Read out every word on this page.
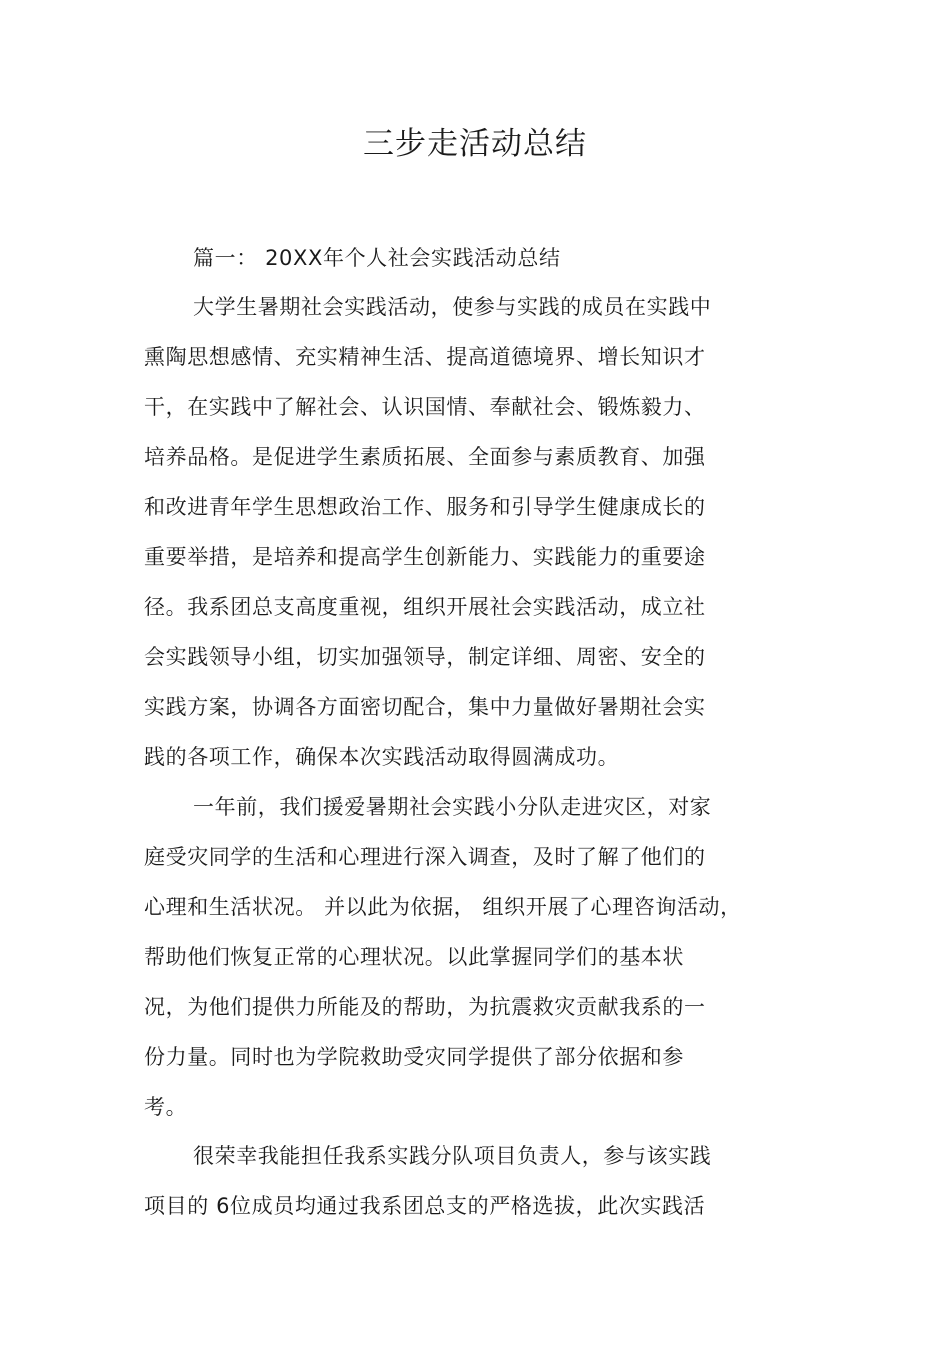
三步走活动总结
篇一： 20XX年个人社会实践活动总结
大学生暑期社会实践活动，使参与实践的成员在实践中
熏陶思想感情、充实精神生活、提高道德境界、增长知识才
干，在实践中了解社会、认识国情、奉献社会、锻炼毅力、
培养品格。是促进学生素质拓展、全面参与素质教育、加强
和改进青年学生思想政治工作、服务和引导学生健康成长的
重要举措，是培养和提高学生创新能力、实践能力的重要途
径。我系团总支高度重视，组织开展社会实践活动，成立社
会实践领导小组，切实加强领导，制定详细、周密、安全的
实践方案，协调各方面密切配合，集中力量做好暑期社会实
践的各项工作，确保本次实践活动取得圆满成功。
一年前，我们援爱暑期社会实践小分队走进灾区，对家
庭受灾同学的生活和心理进行深入调查，及时了解了他们的
心理和生活状况。 并以此为依据， 组织开展了心理咨询活动，
帮助他们恢复正常的心理状况。以此掌握同学们的基本状
况，为他们提供力所能及的帮助，为抗震救灾贡献我系的一
份力量。同时也为学院救助受灾同学提供了部分依据和参
考。
很荣幸我能担任我系实践分队项目负责人，参与该实践
项目的 6位成员均通过我系团总支的严格选拔，此次实践活
